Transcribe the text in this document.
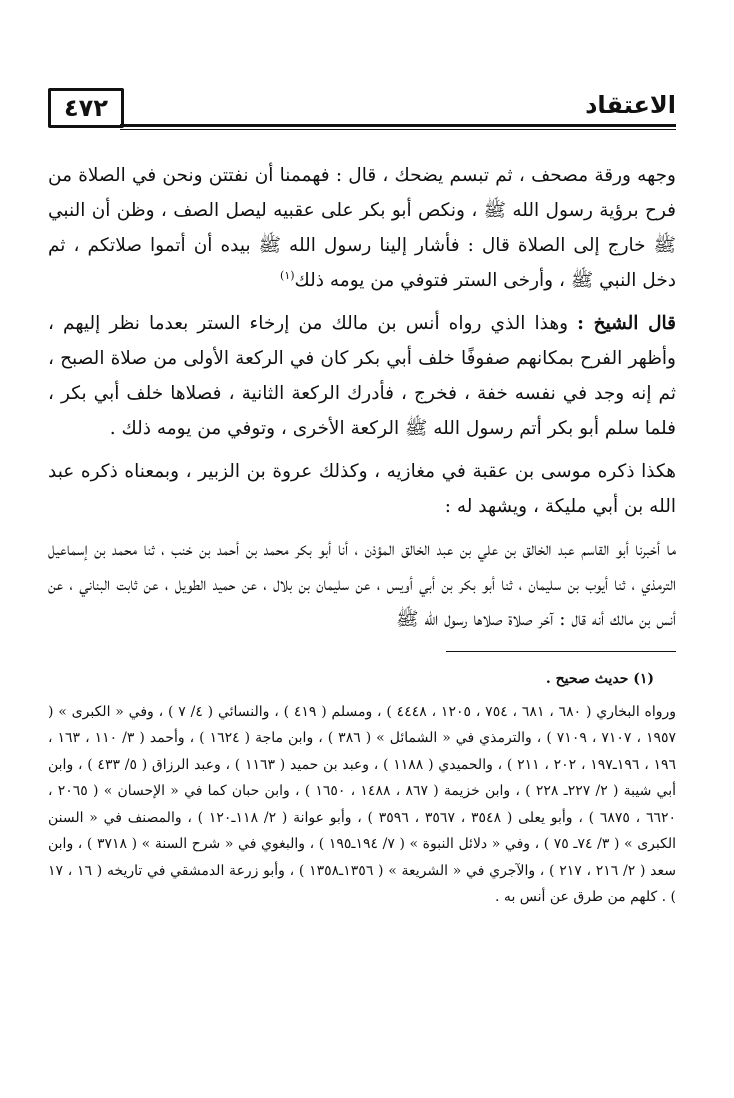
٤٧٢	الاعتقاد

وجهه ورقة مصحف ، ثم تبسم يضحك ، قال : فهممنا أن نفتتن ونحن في الصلاة من فرح برؤية رسول الله ﷺ ، ونكص أبو بكر على عقبيه ليصل الصف ، وظن أن النبي ﷺ خارج إلى الصلاة قال : فأشار إلينا رسول الله ﷺ بيده أن أتموا صلاتكم ، ثم دخل النبي ﷺ ، وأرخى الستر فتوفي من يومه ذلك$^{(١)}$

قال الشيخ : وهذا الذي رواه أنس بن مالك من إرخاء الستر بعدما نظر إليهم ، وأظهر الفرح بمكانهم صفوفًا خلف أبي بكر كان في الركعة الأولى من صلاة الصبح ، ثم إنه وجد في نفسه خفة ، فخرج ، فأدرك الركعة الثانية ، فصلاها خلف أبي بكر ، فلما سلم أبو بكر أتم رسول الله ﷺ الركعة الأخرى ، وتوفي من يومه ذلك .

هكذا ذكره موسى بن عقبة في مغازيه ، وكذلك عروة بن الزبير ، وبمعناه ذكره عبد الله بن أبي مليكة ، ويشهد له :

ما أخبرنا أبو القاسم عبد الخالق بن علي بن عبد الخالق المؤذن ، أنا أبو بكر محمد بن أحمد بن خنب ، ثنا محمد بن إسماعيل الترمذي ، ثنا أيوب بن سليمان ، ثنا أبو بكر بن أبي أويس ، عن سليمان بن بلال ، عن حميد الطويل ، عن ثابت البناني ، عن أنس بن مالك أنه قال : آخر صلاة صلاها رسول الله ﷺ

(١) حديث صحيح .

ورواه البخاري ( ٦٨٠ ، ٦٨١ ، ٧٥٤ ، ١٢٠٥ ، ٤٤٤٨ ) ، ومسلم ( ٤١٩ ) ، والنسائي ( ٤/ ٧ ) ، وفي « الكبرى » ( ١٩٥٧ ، ٧١٠٧ ، ٧١٠٩ ) ، والترمذي في « الشمائل » ( ٣٨٦ ) ، وابن ماجة ( ١٦٢٤ ) ، وأحمد ( ٣/ ١١٠ ، ١٦٣ ، ١٩٦ ، ١٩٦ـ١٩٧ ، ٢٠٢ ، ٢١١ ) ، والحميدي ( ١١٨٨ ) ، وعبد بن حميد ( ١١٦٣ ) ، وعبد الرزاق ( ٥/ ٤٣٣ ) ، وابن أبي شيبة ( ٢/ ٢٢٧ـ ٢٢٨ ) ، وابن خزيمة ( ٨٦٧ ، ١٤٨٨ ، ١٦٥٠ ) ، وابن حبان كما في « الإحسان » ( ٢٠٦٥ ، ٦٦٢٠ ، ٦٨٧٥ ) ، وأبو يعلى ( ٣٥٤٨ ، ٣٥٦٧ ، ٣٥٩٦ ) ، وأبو عوانة ( ٢/ ١١٨ـ١٢٠ ) ، والمصنف في « السنن الكبرى » ( ٣/ ٧٤ـ ٧٥ ) ، وفي « دلائل النبوة » ( ٧/ ١٩٤ـ١٩٥ ) ، والبغوي في « شرح السنة » ( ٣٧١٨ ) ، وابن سعد ( ٢/ ٢١٦ ، ٢١٧ ) ، والآجري في « الشريعة » ( ١٣٥٦ـ١٣٥٨ ) ، وأبو زرعة الدمشقي في تاريخه ( ١٦ ، ١٧ ) . كلهم من طرق عن أنس به .
